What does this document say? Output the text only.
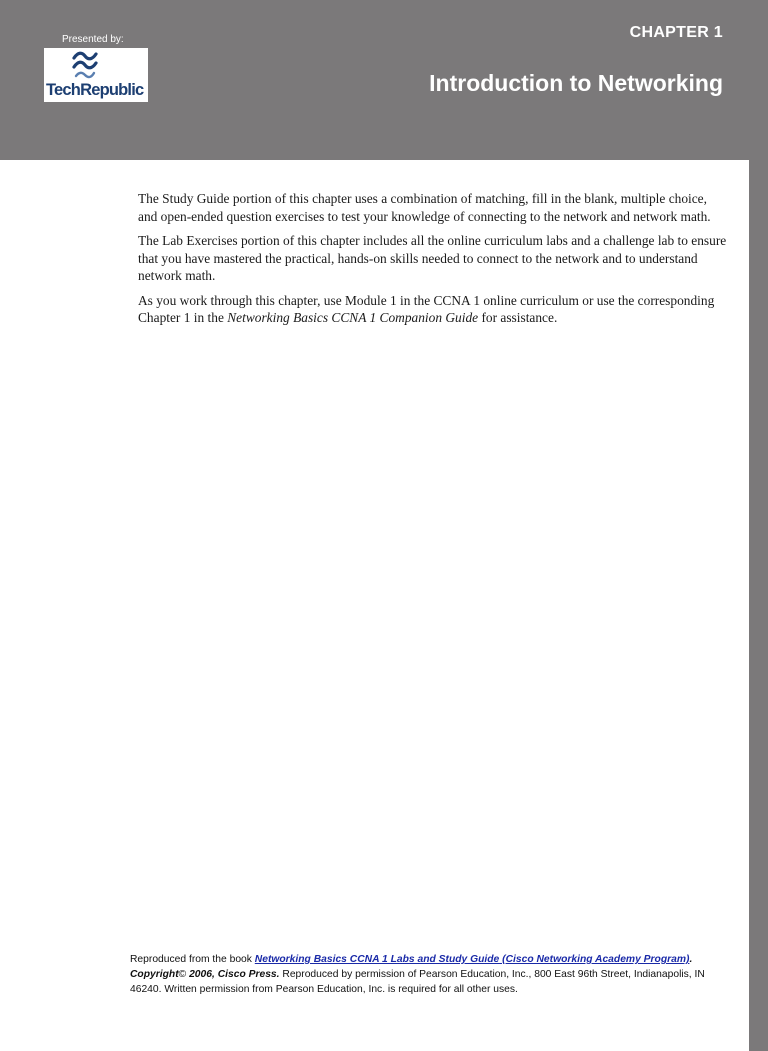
Presented by:
TechRepublic
CHAPTER 1
Introduction to Networking

The Study Guide portion of this chapter uses a combination of matching, fill in the blank, multiple choice, and open-ended question exercises to test your knowledge of connecting to the network and network math.

The Lab Exercises portion of this chapter includes all the online curriculum labs and a challenge lab to ensure that you have mastered the practical, hands-on skills needed to connect to the network and to understand network math.

As you work through this chapter, use Module 1 in the CCNA 1 online curriculum or use the corresponding Chapter 1 in the Networking Basics CCNA 1 Companion Guide for assistance.

Reproduced from the book Networking Basics CCNA 1 Labs and Study Guide (Cisco Networking Academy Program). Copyright© 2006, Cisco Press. Reproduced by permission of Pearson Education, Inc., 800 East 96th Street, Indianapolis, IN 46240. Written permission from Pearson Education, Inc. is required for all other uses.
